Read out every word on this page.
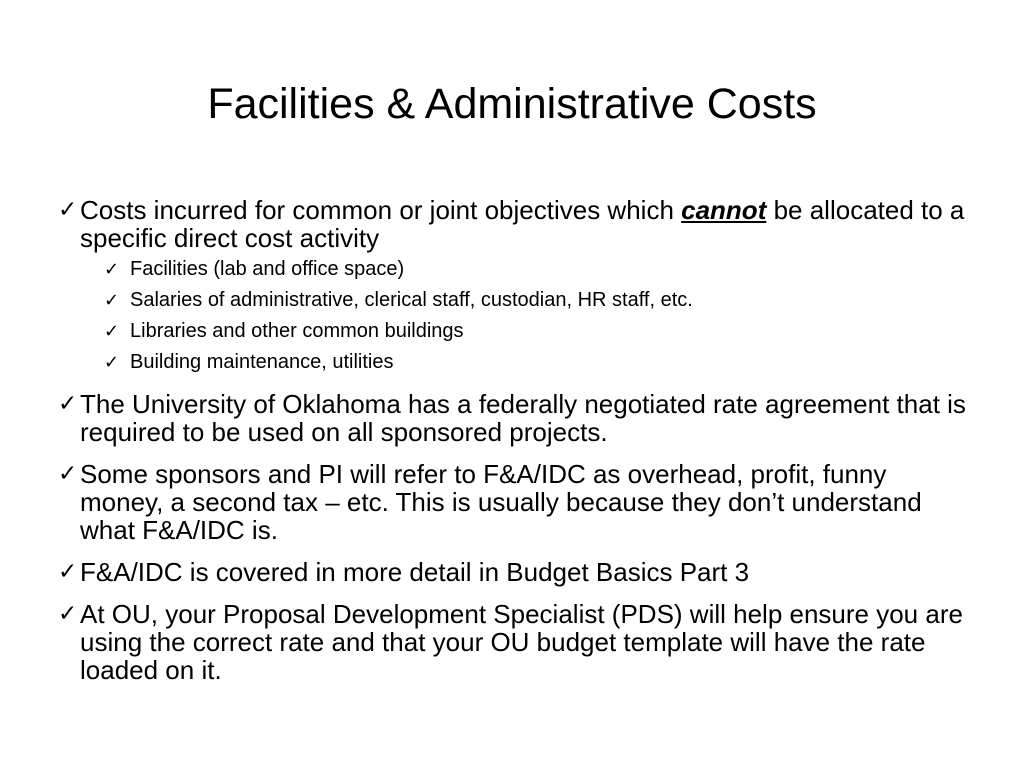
Facilities & Administrative Costs
✓ Costs incurred for common or joint objectives which cannot be allocated to a specific direct cost activity
✓ Facilities (lab and office space)
✓ Salaries of administrative, clerical staff, custodian, HR staff, etc.
✓ Libraries and other common buildings
✓ Building maintenance, utilities
✓ The University of Oklahoma has a federally negotiated rate agreement that is required to be used on all sponsored projects.
✓ Some sponsors and PI will refer to F&A/IDC as overhead, profit, funny money, a second tax – etc. This is usually because they don’t understand what F&A/IDC is.
✓ F&A/IDC is covered in more detail in Budget Basics Part 3
✓ At OU, your Proposal Development Specialist (PDS) will help ensure you are using the correct rate and that your OU budget template will have the rate loaded on it.
